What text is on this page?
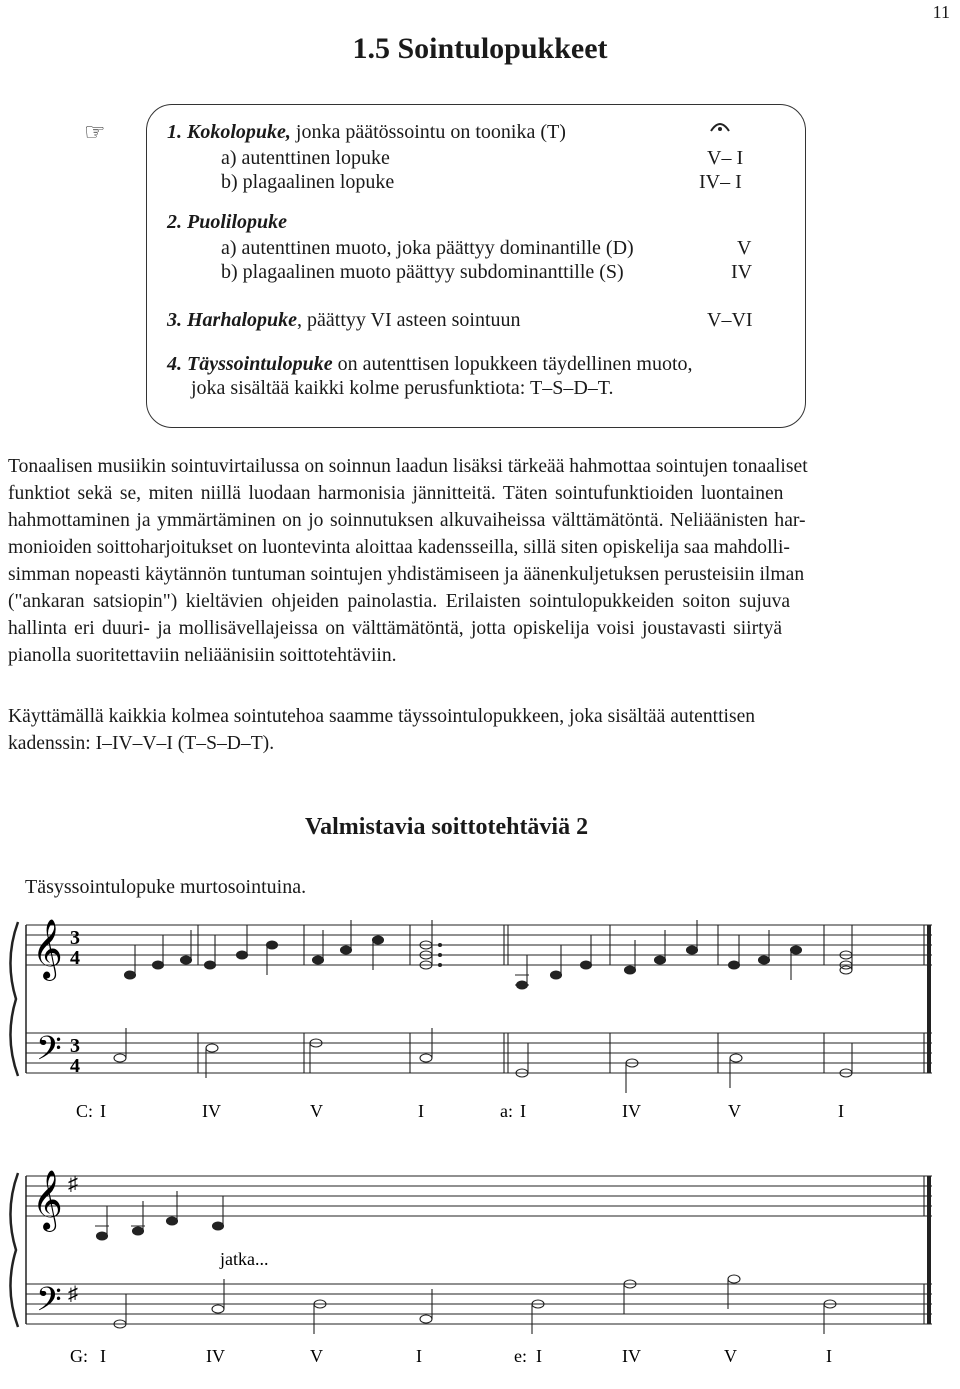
11
1.5 Sointulopukkeet
☞	1. Kokolopuke, jonka päätössointu on toonika (T)
a) autenttinen lopuke	V– I
b) plagaalinen lopuke	IV– I
2. Puolilopuke
a) autenttinen muoto, joka päättyy dominantille (D)	V
b) plagaalinen muoto päättyy subdominanttille (S)	IV
3. Harhalopuke, päättyy VI asteen sointuun	V–VI
4. Täyssointulopuke on autenttisen lopukkeen täydellinen muoto,
joka sisältää kaikki kolme perusfunktiota: T–S–D–T.
Tonaalisen musiikin sointuvirtailussa on soinnun laadun lisäksi tärkeää hahmottaa sointujen tonaaliset
funktiot sekä se, miten niillä luodaan harmonisia jännitteitä. Täten sointufunktioiden luontainen
hahmottaminen ja ymmärtäminen on jo soinnutuksen alkuvaiheissa välttämätöntä. Neliäänisten har-
monioiden soittoharjoitukset on luontevinta aloittaa kadensseilla, sillä siten opiskelija saa mahdolli-
simman nopeasti käytännön tuntuman sointujen yhdistämiseen ja äänenkuljetuksen perusteisiin ilman
("ankaran satsiopin") kieltävien ohjeiden painolastia. Erilaisten sointulopukkeiden soiton sujuva
hallinta eri duuri- ja mollisävellajeissa on välttämätöntä, jotta opiskelija voisi joustavasti siirtyä
pianolla suoritettaviin neliäänisiin soittotehtäviin.
Käyttämällä kaikkia kolmea sointutehoa saamme täyssointulopukkeen, joka sisältää autenttisen
kadenssin: I–IV–V–I (T–S–D–T).
Valmistavia soittotehtäviä 2
Täsyssointulopuke murtosointuina.
𝄞
𝄢
𝄞
𝄢
3
4
3
4
♯
♯
C: I	IV	V	I	a: I	IV	V	I
jatka...
G: I	IV	V	I	e: I	IV	V	I
